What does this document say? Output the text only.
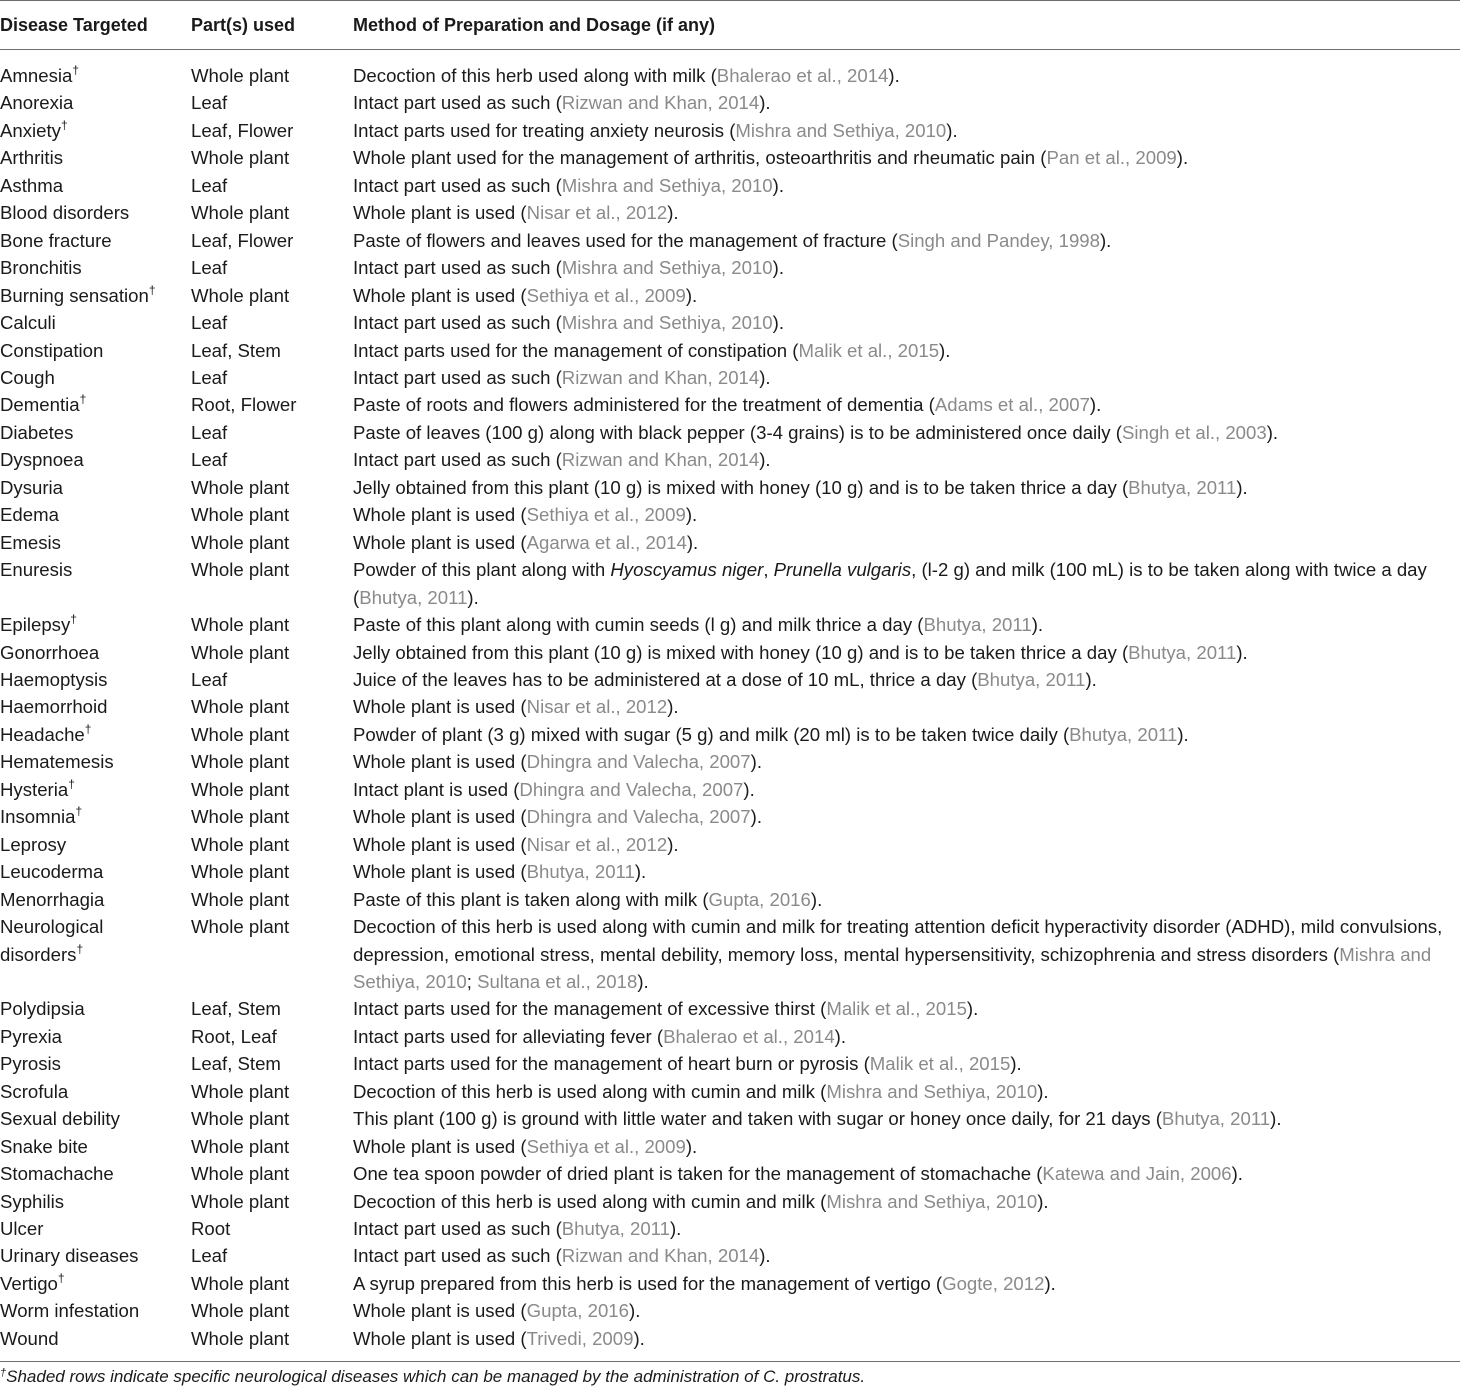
Disease Targeted	Part(s) used	Method of Preparation and Dosage (if any)
Amnesia†	Whole plant	Decoction of this herb used along with milk (Bhalerao et al., 2014).
Anorexia	Leaf	Intact part used as such (Rizwan and Khan, 2014).
Anxiety†	Leaf, Flower	Intact parts used for treating anxiety neurosis (Mishra and Sethiya, 2010).
Arthritis	Whole plant	Whole plant used for the management of arthritis, osteoarthritis and rheumatic pain (Pan et al., 2009).
Asthma	Leaf	Intact part used as such (Mishra and Sethiya, 2010).
Blood disorders	Whole plant	Whole plant is used (Nisar et al., 2012).
Bone fracture	Leaf, Flower	Paste of flowers and leaves used for the management of fracture (Singh and Pandey, 1998).
Bronchitis	Leaf	Intact part used as such (Mishra and Sethiya, 2010).
Burning sensation†	Whole plant	Whole plant is used (Sethiya et al., 2009).
Calculi	Leaf	Intact part used as such (Mishra and Sethiya, 2010).
Constipation	Leaf, Stem	Intact parts used for the management of constipation (Malik et al., 2015).
Cough	Leaf	Intact part used as such (Rizwan and Khan, 2014).
Dementia†	Root, Flower	Paste of roots and flowers administered for the treatment of dementia (Adams et al., 2007).
Diabetes	Leaf	Paste of leaves (100 g) along with black pepper (3-4 grains) is to be administered once daily (Singh et al., 2003).
Dyspnoea	Leaf	Intact part used as such (Rizwan and Khan, 2014).
Dysuria	Whole plant	Jelly obtained from this plant (10 g) is mixed with honey (10 g) and is to be taken thrice a day (Bhutya, 2011).
Edema	Whole plant	Whole plant is used (Sethiya et al., 2009).
Emesis	Whole plant	Whole plant is used (Agarwa et al., 2014).
Enuresis	Whole plant	Powder of this plant along with Hyoscyamus niger, Prunella vulgaris, (l-2 g) and milk (100 mL) is to be taken along with twice a day (Bhutya, 2011).
Epilepsy†	Whole plant	Paste of this plant along with cumin seeds (l g) and milk thrice a day (Bhutya, 2011).
Gonorrhoea	Whole plant	Jelly obtained from this plant (10 g) is mixed with honey (10 g) and is to be taken thrice a day (Bhutya, 2011).
Haemoptysis	Leaf	Juice of the leaves has to be administered at a dose of 10 mL, thrice a day (Bhutya, 2011).
Haemorrhoid	Whole plant	Whole plant is used (Nisar et al., 2012).
Headache†	Whole plant	Powder of plant (3 g) mixed with sugar (5 g) and milk (20 ml) is to be taken twice daily (Bhutya, 2011).
Hematemesis	Whole plant	Whole plant is used (Dhingra and Valecha, 2007).
Hysteria†	Whole plant	Intact plant is used (Dhingra and Valecha, 2007).
Insomnia†	Whole plant	Whole plant is used (Dhingra and Valecha, 2007).
Leprosy	Whole plant	Whole plant is used (Nisar et al., 2012).
Leucoderma	Whole plant	Whole plant is used (Bhutya, 2011).
Menorrhagia	Whole plant	Paste of this plant is taken along with milk (Gupta, 2016).
Neurological disorders†	Whole plant	Decoction of this herb is used along with cumin and milk for treating attention deficit hyperactivity disorder (ADHD), mild convulsions, depression, emotional stress, mental debility, memory loss, mental hypersensitivity, schizophrenia and stress disorders (Mishra and Sethiya, 2010; Sultana et al., 2018).
Polydipsia	Leaf, Stem	Intact parts used for the management of excessive thirst (Malik et al., 2015).
Pyrexia	Root, Leaf	Intact parts used for alleviating fever (Bhalerao et al., 2014).
Pyrosis	Leaf, Stem	Intact parts used for the management of heart burn or pyrosis (Malik et al., 2015).
Scrofula	Whole plant	Decoction of this herb is used along with cumin and milk (Mishra and Sethiya, 2010).
Sexual debility	Whole plant	This plant (100 g) is ground with little water and taken with sugar or honey once daily, for 21 days (Bhutya, 2011).
Snake bite	Whole plant	Whole plant is used (Sethiya et al., 2009).
Stomachache	Whole plant	One tea spoon powder of dried plant is taken for the management of stomachache (Katewa and Jain, 2006).
Syphilis	Whole plant	Decoction of this herb is used along with cumin and milk (Mishra and Sethiya, 2010).
Ulcer	Root	Intact part used as such (Bhutya, 2011).
Urinary diseases	Leaf	Intact part used as such (Rizwan and Khan, 2014).
Vertigo†	Whole plant	A syrup prepared from this herb is used for the management of vertigo (Gogte, 2012).
Worm infestation	Whole plant	Whole plant is used (Gupta, 2016).
Wound	Whole plant	Whole plant is used (Trivedi, 2009).
†Shaded rows indicate specific neurological diseases which can be managed by the administration of C. prostratus.
